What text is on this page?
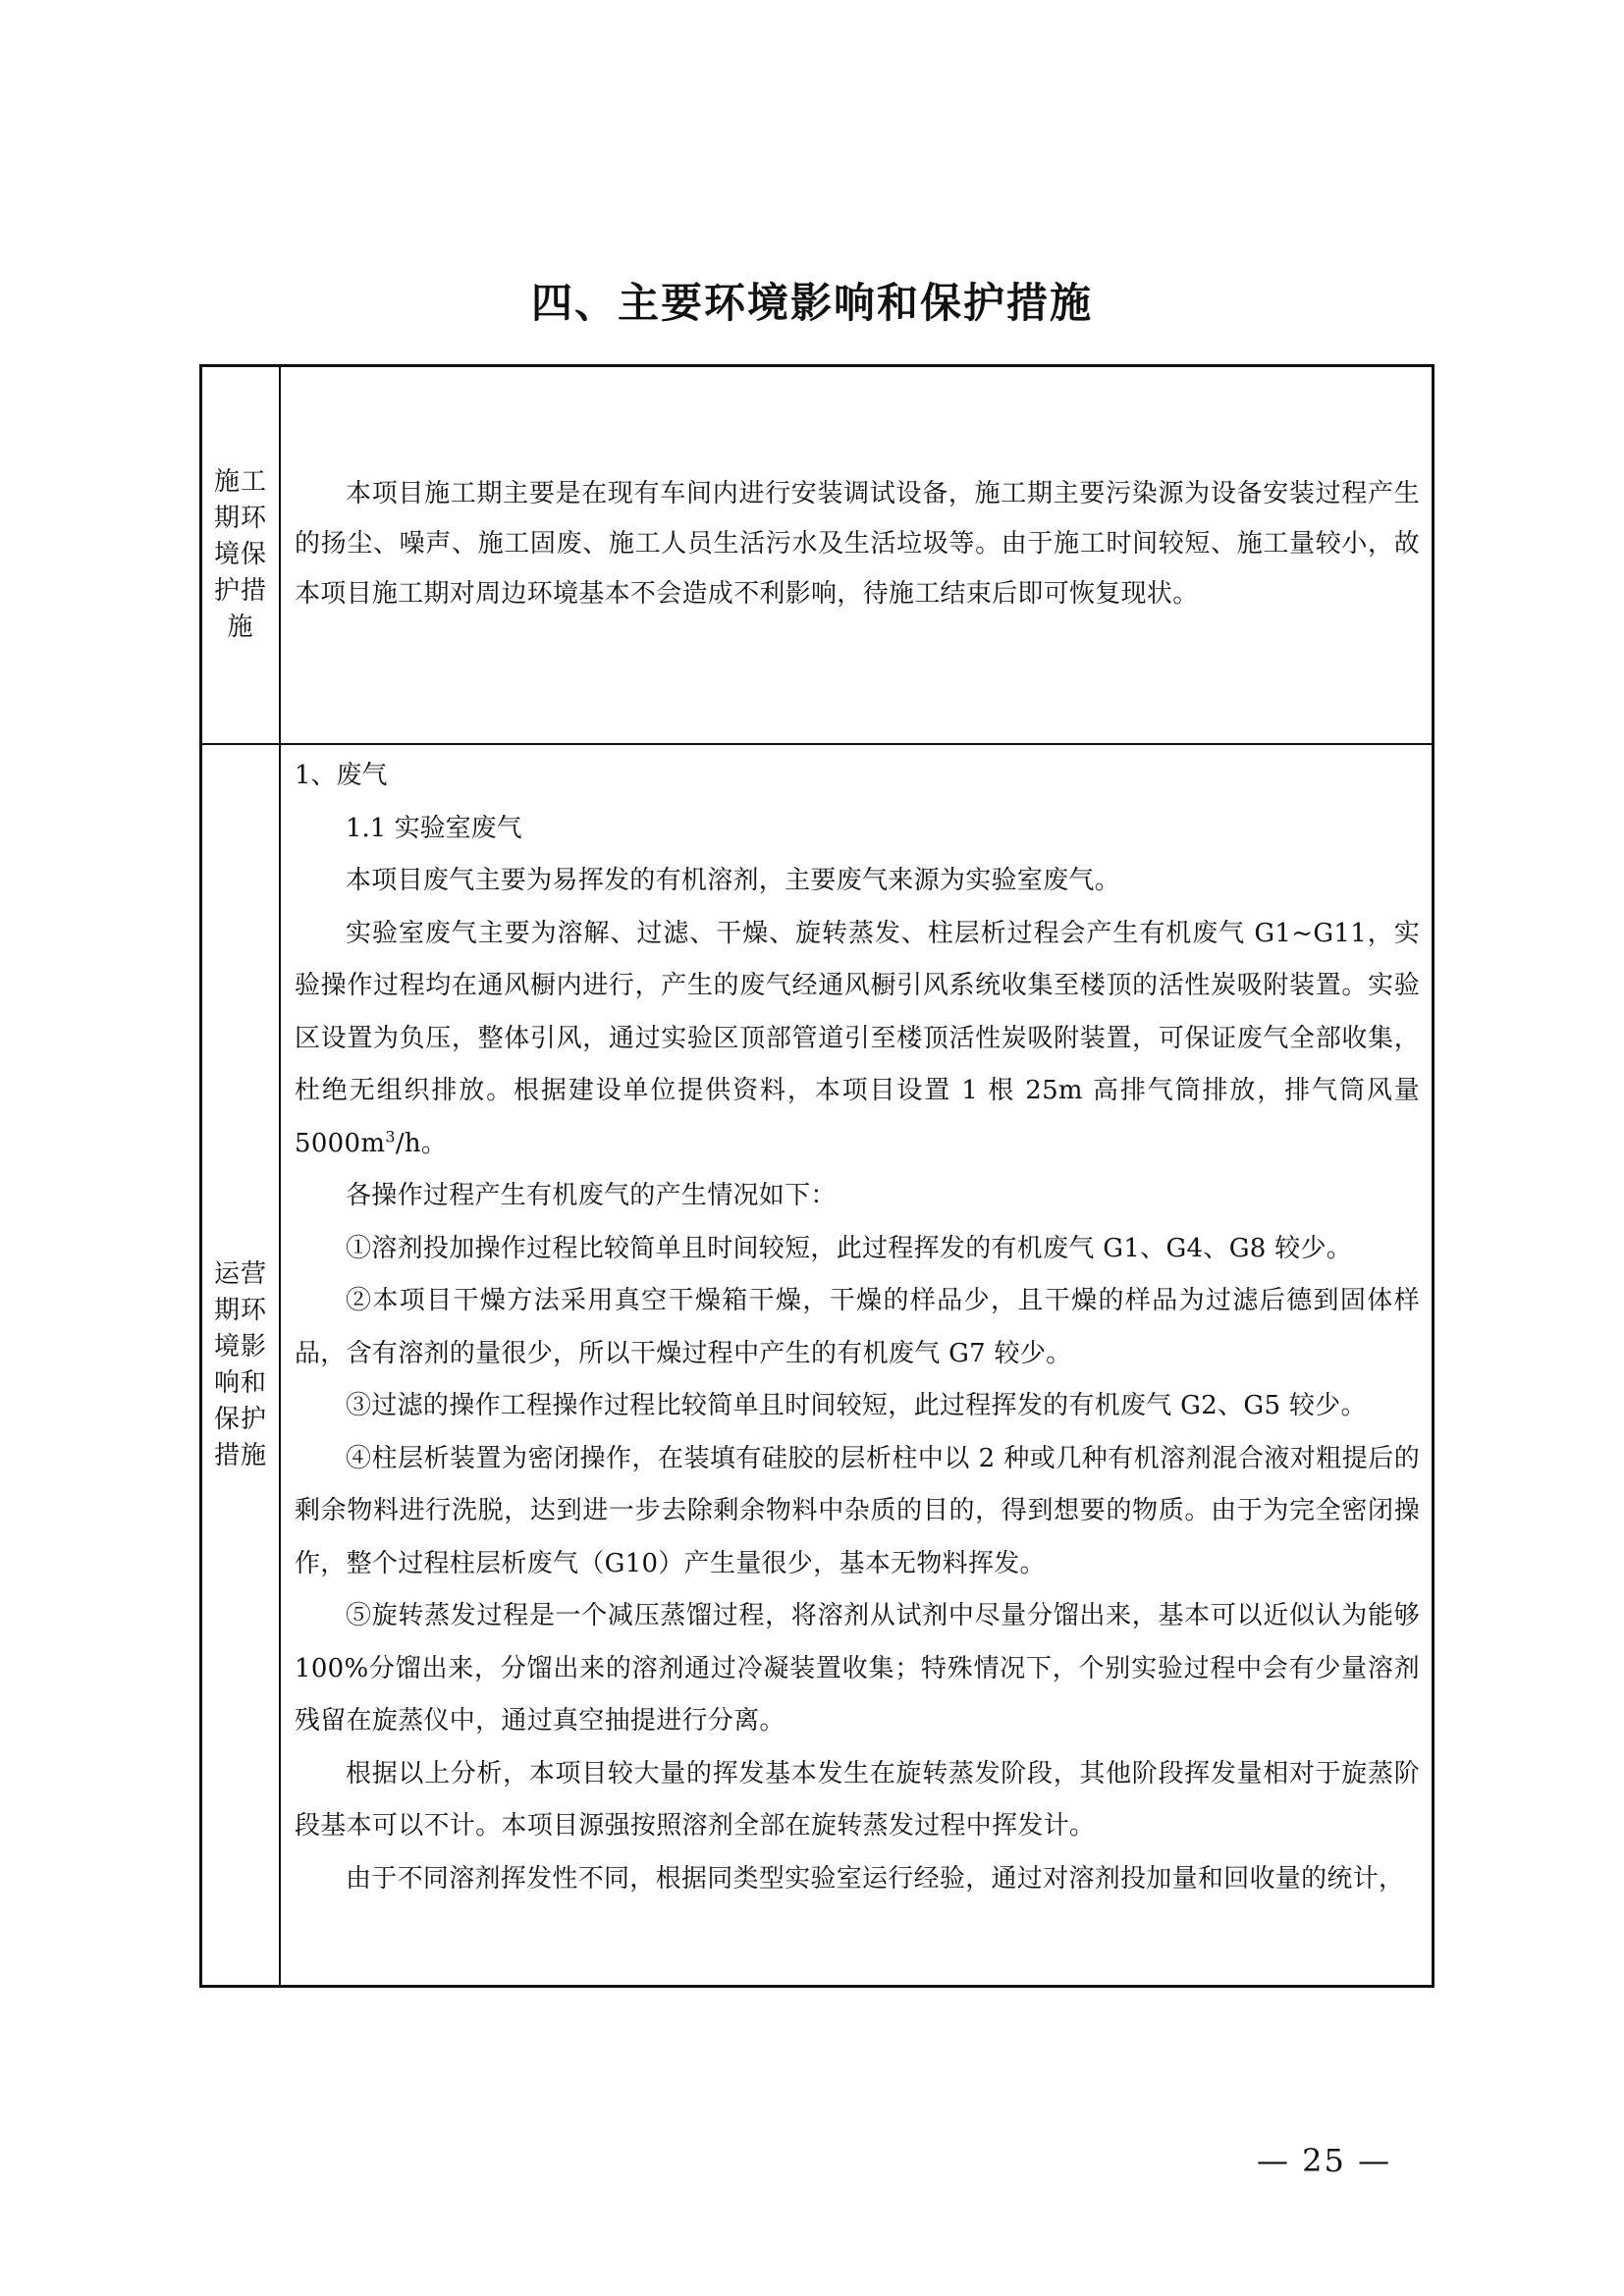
四、主要环境影响和保护措施
施工期环境保护措施

本项目施工期主要是在现有车间内进行安装调试设备，施工期主要污染源为设备安装过程产生的扬尘、噪声、施工固废、施工人员生活污水及生活垃圾等。由于施工时间较短、施工量较小，故本项目施工期对周边环境基本不会造成不利影响，待施工结束后即可恢复现状。

运营期环境影响和保护措施

1、废气

1.1 实验室废气

本项目废气主要为易挥发的有机溶剂，主要废气来源为实验室废气。

实验室废气主要为溶解、过滤、干燥、旋转蒸发、柱层析过程会产生有机废气 G1~G11，实验操作过程均在通风橱内进行，产生的废气经通风橱引风系统收集至楼顶的活性炭吸附装置。实验区设置为负压，整体引风，通过实验区顶部管道引至楼顶活性炭吸附装置，可保证废气全部收集，杜绝无组织排放。根据建设单位提供资料，本项目设置 1 根 25m 高排气筒排放，排气筒风量 $5000m^3/h$。

各操作过程产生有机废气的产生情况如下：

①溶剂投加操作过程比较简单且时间较短，此过程挥发的有机废气 G1、G4、G8 较少。

②本项目干燥方法采用真空干燥箱干燥，干燥的样品少，且干燥的样品为过滤后德到固体样品，含有溶剂的量很少，所以干燥过程中产生的有机废气 G7 较少。

③过滤的操作工程操作过程比较简单且时间较短，此过程挥发的有机废气 G2、G5 较少。

④柱层析装置为密闭操作，在装填有硅胶的层析柱中以 2 种或几种有机溶剂混合液对粗提后的剩余物料进行洗脱，达到进一步去除剩余物料中杂质的目的，得到想要的物质。由于为完全密闭操作，整个过程柱层析废气（G10）产生量很少，基本无物料挥发。

⑤旋转蒸发过程是一个减压蒸馏过程，将溶剂从试剂中尽量分馏出来，基本可以近似认为能够 100%分馏出来，分馏出来的溶剂通过冷凝装置收集；特殊情况下，个别实验过程中会有少量溶剂残留在旋蒸仪中，通过真空抽提进行分离。

根据以上分析，本项目较大量的挥发基本发生在旋转蒸发阶段，其他阶段挥发量相对于旋蒸阶段基本可以不计。本项目源强按照溶剂全部在旋转蒸发过程中挥发计。

由于不同溶剂挥发性不同，根据同类型实验室运行经验，通过对溶剂投加量和回收量的统计，

— 25 —
